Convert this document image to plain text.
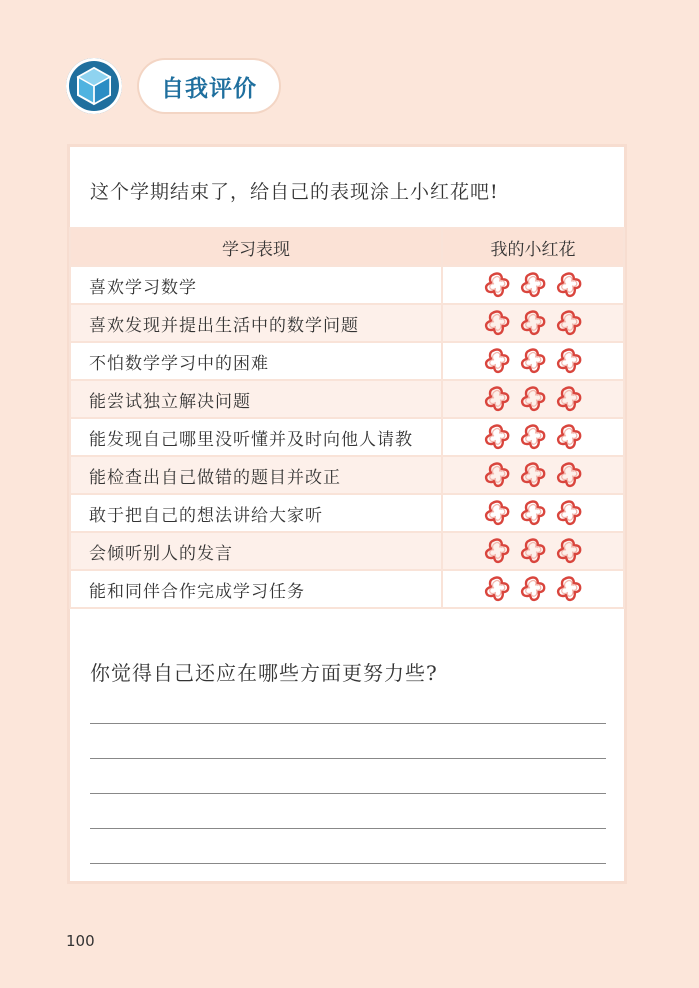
自我评价
这个学期结束了，给自己的表现涂上小红花吧!
学习表现	我的小红花
喜欢学习数学	
喜欢发现并提出生活中的数学问题	
不怕数学学习中的困难	
能尝试独立解决问题	
能发现自己哪里没听懂并及时向他人请教	
能检查出自己做错的题目并改正	
敢于把自己的想法讲给大家听	
会倾听别人的发言	
能和同伴合作完成学习任务	
你觉得自己还应在哪些方面更努力些?
100
